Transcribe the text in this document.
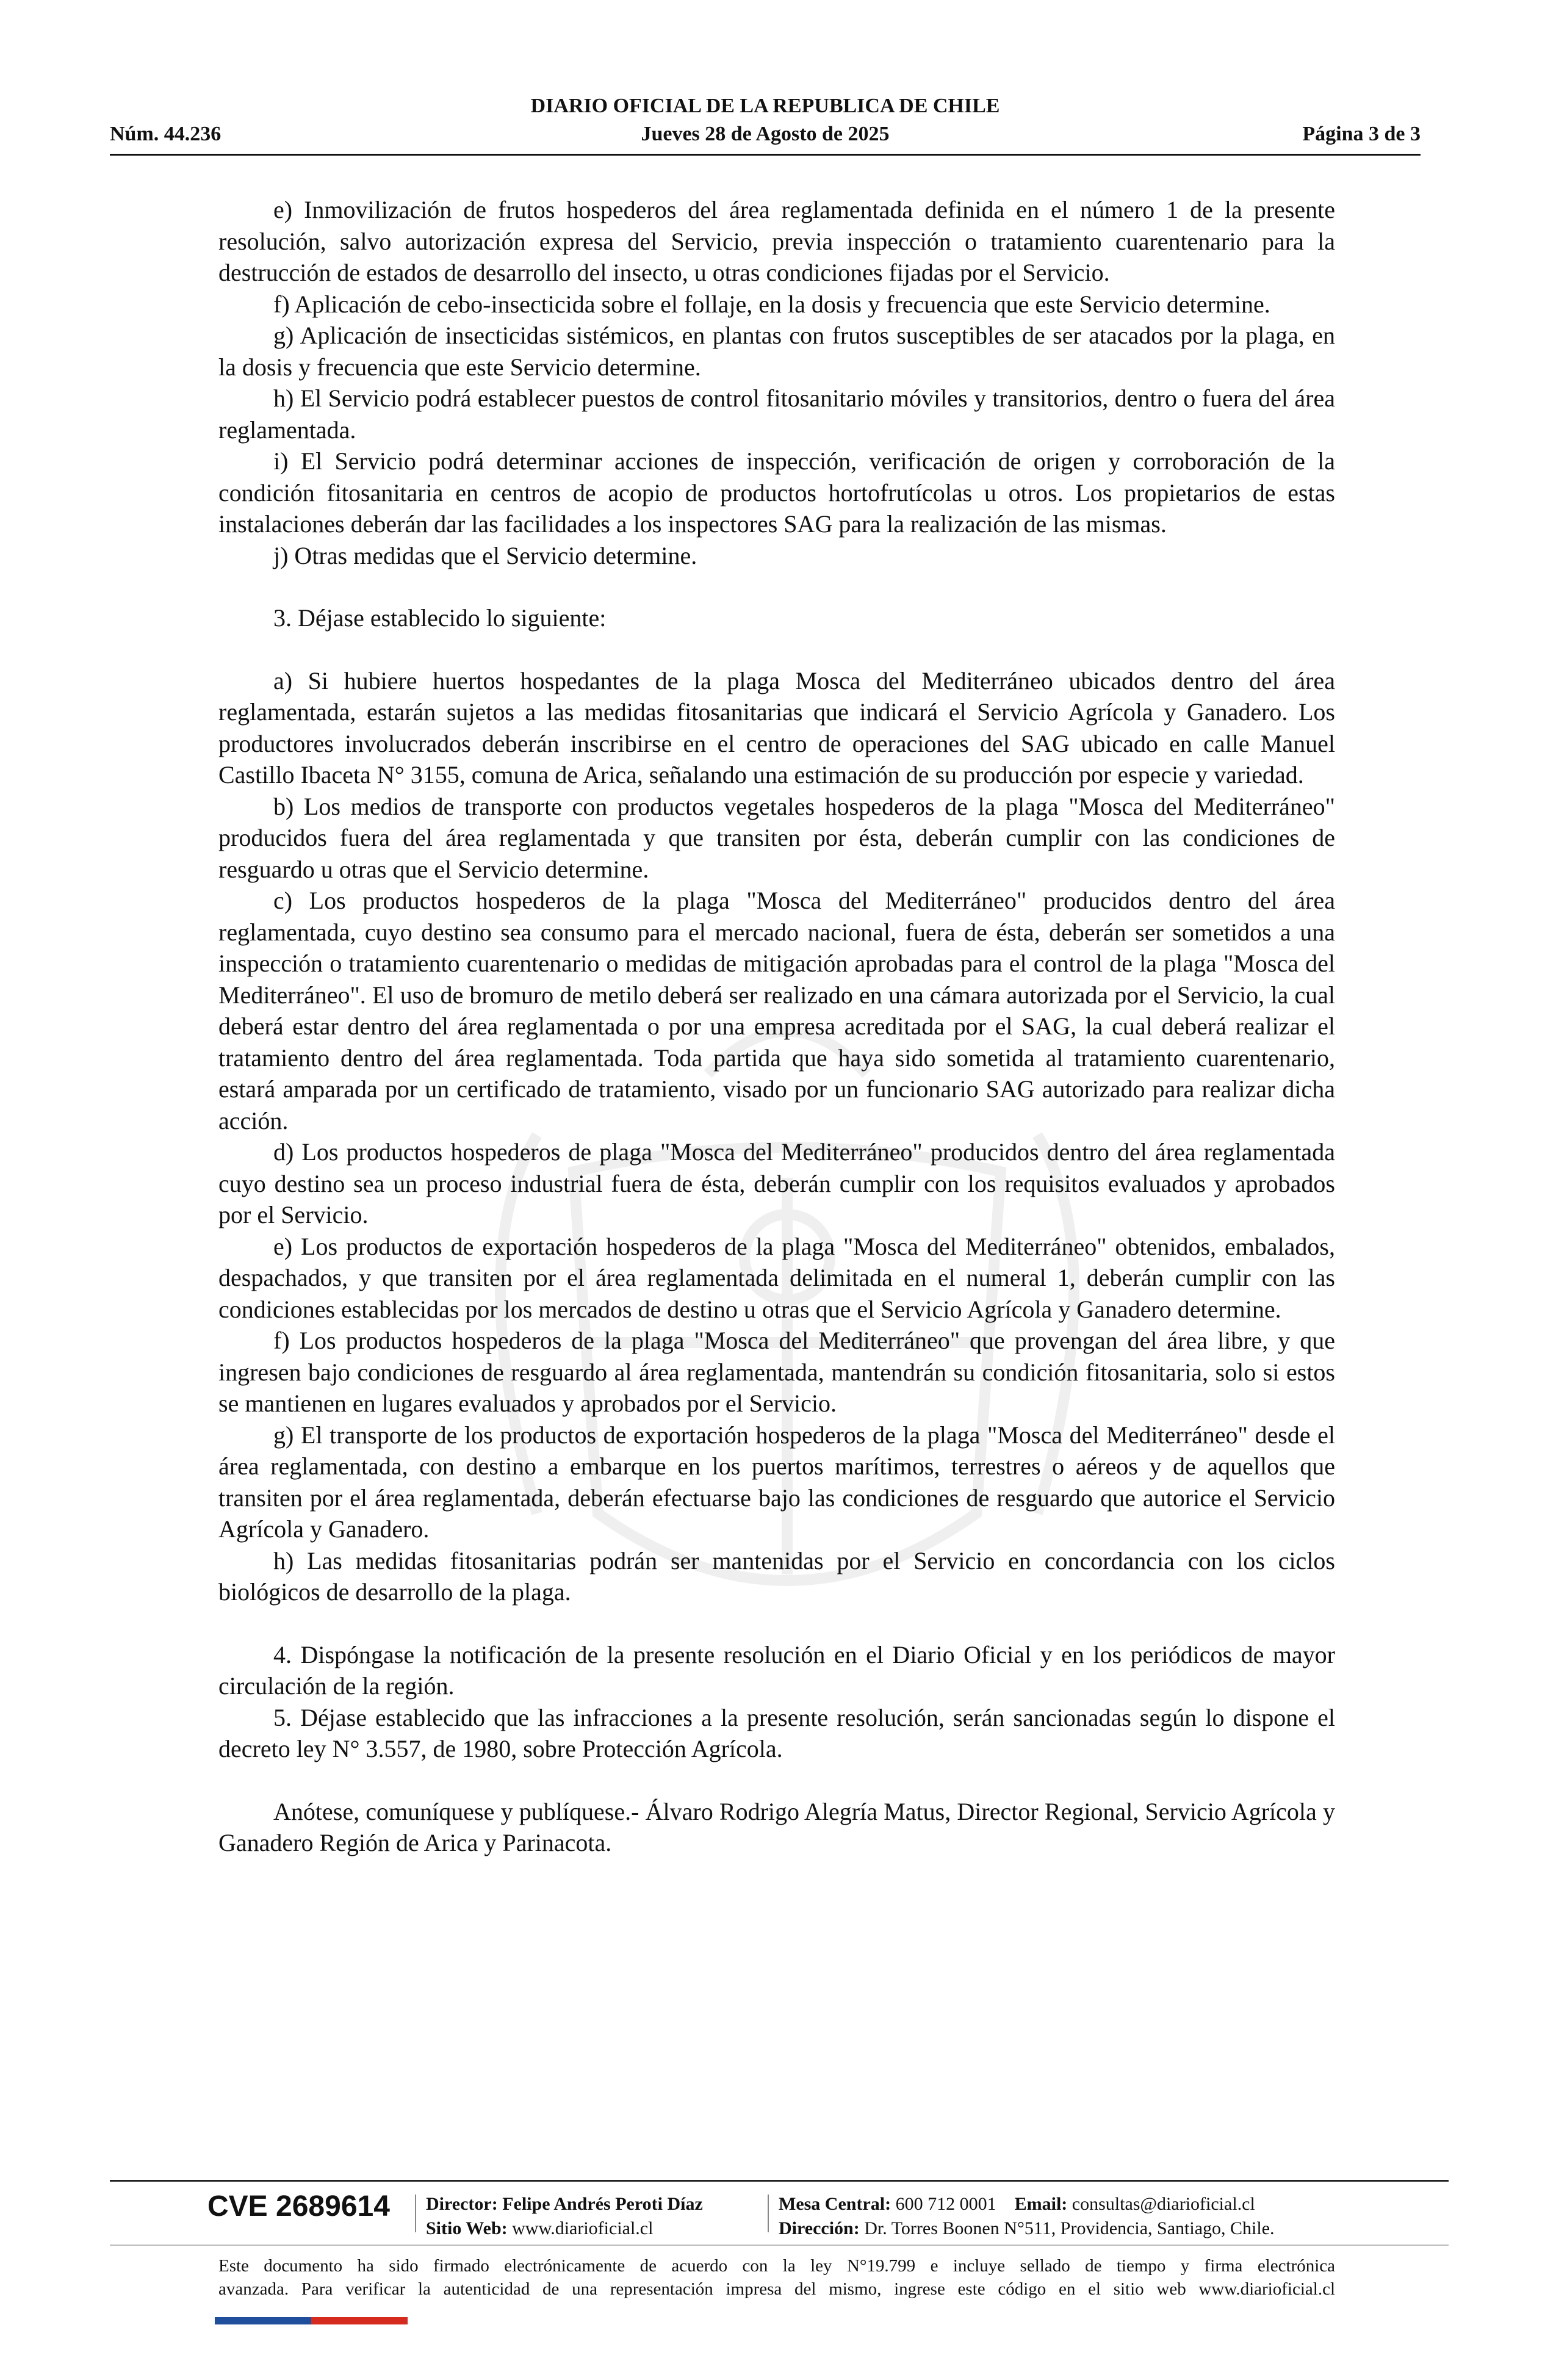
DIARIO OFICIAL DE LA REPUBLICA DE CHILE
Núm. 44.236	Jueves 28 de Agosto de 2025	Página 3 de 3

e) Inmovilización de frutos hospederos del área reglamentada definida en el número 1 de la presente resolución, salvo autorización expresa del Servicio, previa inspección o tratamiento cuarentenario para la destrucción de estados de desarrollo del insecto, u otras condiciones fijadas por el Servicio.

f) Aplicación de cebo-insecticida sobre el follaje, en la dosis y frecuencia que este Servicio determine.

g) Aplicación de insecticidas sistémicos, en plantas con frutos susceptibles de ser atacados por la plaga, en la dosis y frecuencia que este Servicio determine.

h) El Servicio podrá establecer puestos de control fitosanitario móviles y transitorios, dentro o fuera del área reglamentada.

i) El Servicio podrá determinar acciones de inspección, verificación de origen y corroboración de la condición fitosanitaria en centros de acopio de productos hortofrutícolas u otros. Los propietarios de estas instalaciones deberán dar las facilidades a los inspectores SAG para la realización de las mismas.

j) Otras medidas que el Servicio determine.

3. Déjase establecido lo siguiente:

a) Si hubiere huertos hospedantes de la plaga Mosca del Mediterráneo ubicados dentro del área reglamentada, estarán sujetos a las medidas fitosanitarias que indicará el Servicio Agrícola y Ganadero. Los productores involucrados deberán inscribirse en el centro de operaciones del SAG ubicado en calle Manuel Castillo Ibaceta N° 3155, comuna de Arica, señalando una estimación de su producción por especie y variedad.

b) Los medios de transporte con productos vegetales hospederos de la plaga "Mosca del Mediterráneo" producidos fuera del área reglamentada y que transiten por ésta, deberán cumplir con las condiciones de resguardo u otras que el Servicio determine.

c) Los productos hospederos de la plaga "Mosca del Mediterráneo" producidos dentro del área reglamentada, cuyo destino sea consumo para el mercado nacional, fuera de ésta, deberán ser sometidos a una inspección o tratamiento cuarentenario o medidas de mitigación aprobadas para el control de la plaga "Mosca del Mediterráneo". El uso de bromuro de metilo deberá ser realizado en una cámara autorizada por el Servicio, la cual deberá estar dentro del área reglamentada o por una empresa acreditada por el SAG, la cual deberá realizar el tratamiento dentro del área reglamentada. Toda partida que haya sido sometida al tratamiento cuarentenario, estará amparada por un certificado de tratamiento, visado por un funcionario SAG autorizado para realizar dicha acción.

d) Los productos hospederos de plaga "Mosca del Mediterráneo" producidos dentro del área reglamentada cuyo destino sea un proceso industrial fuera de ésta, deberán cumplir con los requisitos evaluados y aprobados por el Servicio.

e) Los productos de exportación hospederos de la plaga "Mosca del Mediterráneo" obtenidos, embalados, despachados, y que transiten por el área reglamentada delimitada en el numeral 1, deberán cumplir con las condiciones establecidas por los mercados de destino u otras que el Servicio Agrícola y Ganadero determine.

f) Los productos hospederos de la plaga "Mosca del Mediterráneo" que provengan del área libre, y que ingresen bajo condiciones de resguardo al área reglamentada, mantendrán su condición fitosanitaria, solo si estos se mantienen en lugares evaluados y aprobados por el Servicio.

g) El transporte de los productos de exportación hospederos de la plaga "Mosca del Mediterráneo" desde el área reglamentada, con destino a embarque en los puertos marítimos, terrestres o aéreos y de aquellos que transiten por el área reglamentada, deberán efectuarse bajo las condiciones de resguardo que autorice el Servicio Agrícola y Ganadero.

h) Las medidas fitosanitarias podrán ser mantenidas por el Servicio en concordancia con los ciclos biológicos de desarrollo de la plaga.

4. Dispóngase la notificación de la presente resolución en el Diario Oficial y en los periódicos de mayor circulación de la región.

5. Déjase establecido que las infracciones a la presente resolución, serán sancionadas según lo dispone el decreto ley N° 3.557, de 1980, sobre Protección Agrícola.

Anótese, comuníquese y publíquese.- Álvaro Rodrigo Alegría Matus, Director Regional, Servicio Agrícola y Ganadero Región de Arica y Parinacota.

CVE 2689614 Director: Felipe Andrés Peroti Díaz
Sitio Web: www.diarioficial.cl
Mesa Central: 600 712 0001 Email: consultas@diarioficial.cl
Dirección: Dr. Torres Boonen N°511, Providencia, Santiago, Chile.
Este documento ha sido firmado electrónicamente de acuerdo con la ley N°19.799 e incluye sellado de tiempo y firma electrónica
avanzada. Para verificar la autenticidad de una representación impresa del mismo, ingrese este código en el sitio web www.diarioficial.cl
